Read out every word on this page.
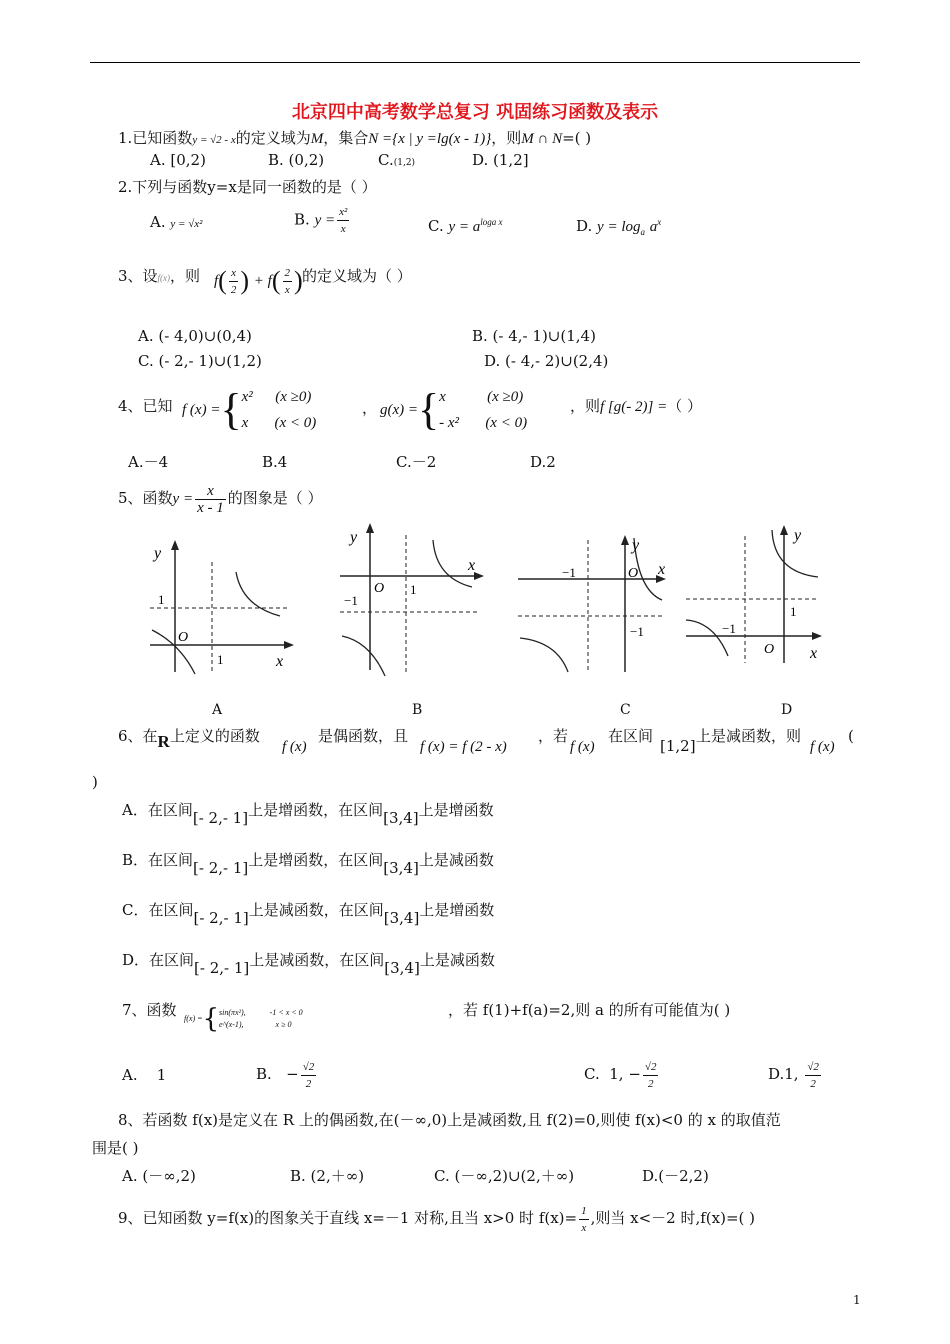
北京四中高考数学总复习 巩固练习函数及表示
1.已知函数y = √2 - x的定义域为M，集合N ={x | y =lg(x - 1)}，则M ∩ N=( )
A. [0,2)	B. (0,2)	C.(1,2)	D. (1,2]
2.下列与函数y=x是同一函数的是（ ）
A. y = √x²	B. $y = \frac{\text{x²}}{x}$	C. $y = a^{loga x}$	D. $y = \log_a a^x$
3、设f(x)，则 $f( \frac{x}{2}$ ) + $f( \frac{2}{x}$ ) 的定义域为（ ）
A. (- 4,0)∪(0,4)	B. (- 4,- 1)∪(1,4)
C. (- 2,- 1)∪(1,2)	D. (- 4,- 2)∪(2,4)
4、已知 f (x) ={x² (x ≥0)
x (x < 0)
， g(x) ={x	(x ≥0)
- x² (x < 0)
，则f [g(- 2)] =（ ）
A.－4	B.4	C.－2	D.2
5、函数$y = \frac{x}{x - 1}$ 的图象是（ ）
y
1
O
1	x
A
y
−1
O 1
x
B
y
−1	O
−1
x
C
y
1
−1
O x
D
6、在R上定义的函数
f (x)
是偶函数，且
f (x) = f (2 - x)
，若
f (x)
在区间
[1,2]
上是减函数，则
f (x)
(
)
A．在区间[- 2,- 1]上是增函数，在区间[3,4]上是增函数
B．在区间[- 2,- 1]上是增函数，在区间[3,4]上是减函数
C．在区间[- 2,- 1]上是减函数，在区间[3,4]上是增函数
D．在区间[- 2,- 1]上是减函数，在区间[3,4]上是减函数
7、函数 f(x) ={sin(πx²),	-1 < x < 0
e^(x-1),	x ≥ 0
，若 f(1)+f(a)=2,则 a 的所有可能值为( )
A. 1	B. − $\frac{√2}{2}$	C. 1, − $\frac{√2}{2}$	D.1, $\frac{√2}{2}$
8、若函数 f(x)是定义在 R 上的偶函数,在(－∞,0)上是减函数,且 f(2)=0,则使 f(x)<0 的 x 的取值范
围是( )
A. (－∞,2)	B. (2,＋∞)	C. (－∞,2)∪(2,＋∞)	D.(－2,2)
9、已知函数 y=f(x)的图象关于直线 x=－1 对称,且当 x>0 时 $f(x)= \frac{1}{x}$ ,则当 x<－2 时,f(x)=( )
1
